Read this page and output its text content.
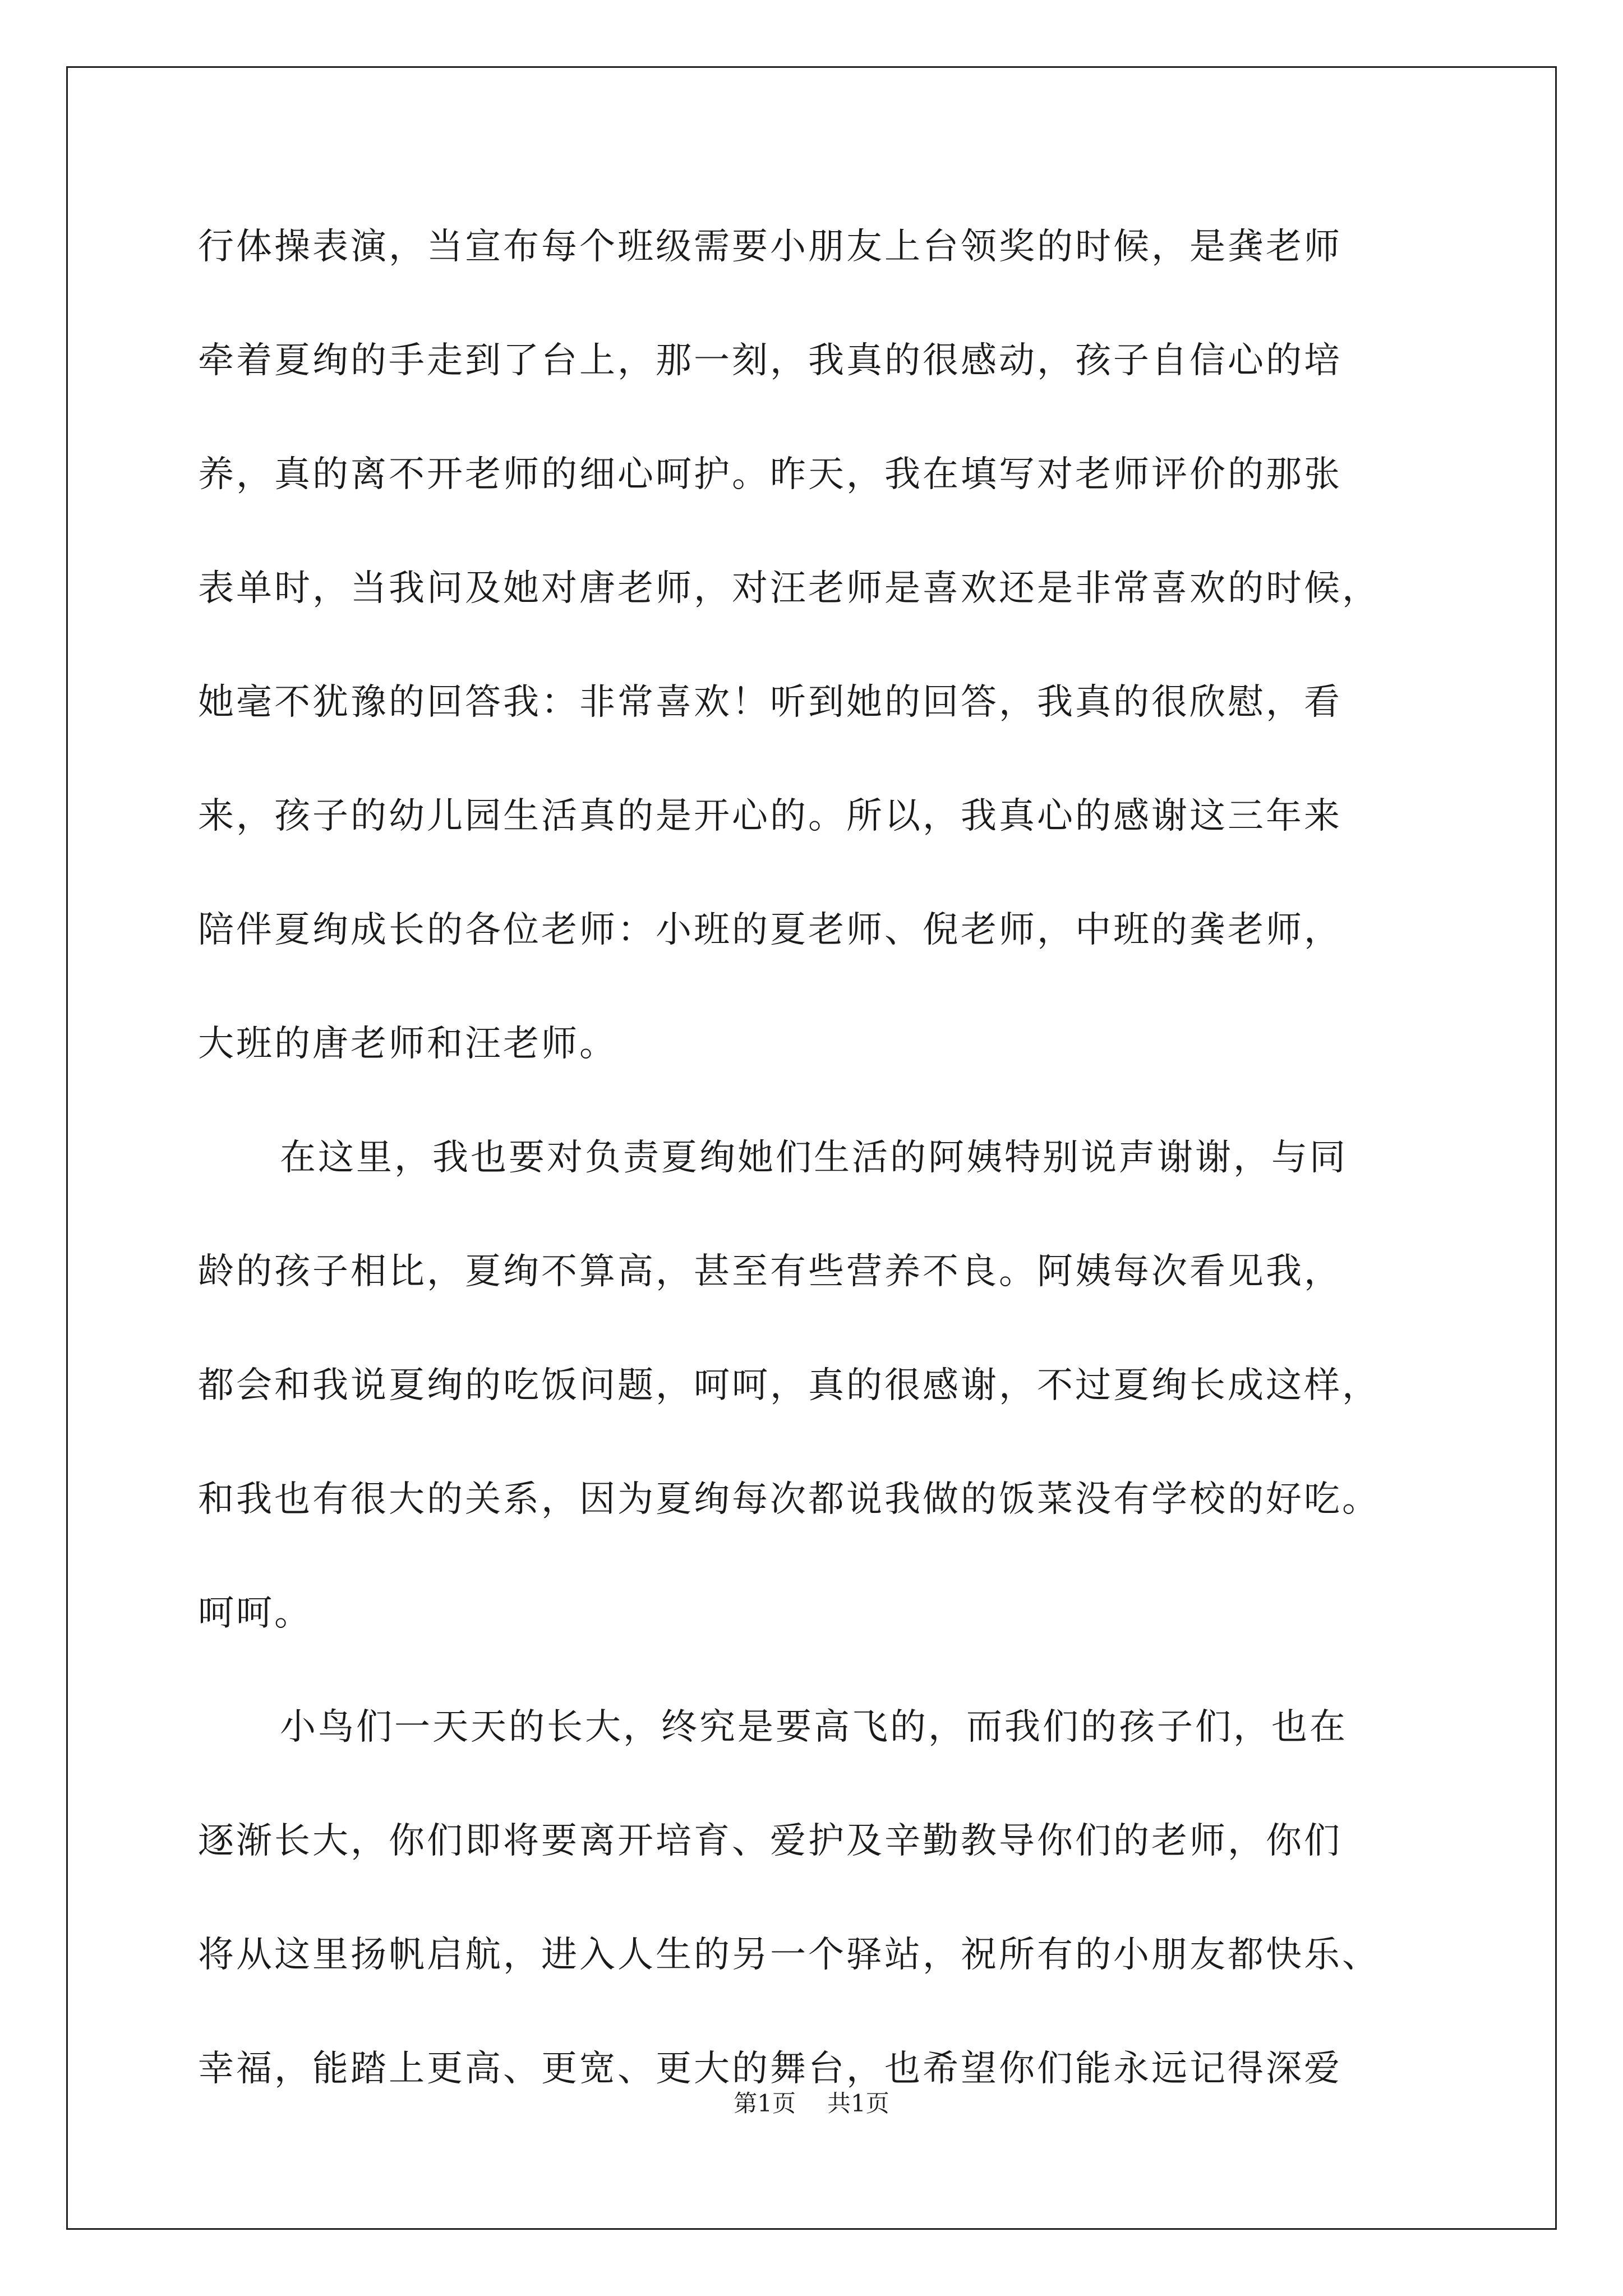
行体操表演，当宣布每个班级需要小朋友上台领奖的时候，是龚老师
牵着夏绚的手走到了台上，那一刻，我真的很感动，孩子自信心的培
养，真的离不开老师的细心呵护。昨天，我在填写对老师评价的那张
表单时，当我问及她对唐老师，对汪老师是喜欢还是非常喜欢的时候，
她毫不犹豫的回答我：非常喜欢！听到她的回答，我真的很欣慰，看
来，孩子的幼儿园生活真的是开心的。所以，我真心的感谢这三年来
陪伴夏绚成长的各位老师：小班的夏老师、倪老师，中班的龚老师，
大班的唐老师和汪老师。
在这里，我也要对负责夏绚她们生活的阿姨特别说声谢谢，与同
龄的孩子相比，夏绚不算高，甚至有些营养不良。阿姨每次看见我，
都会和我说夏绚的吃饭问题，呵呵，真的很感谢，不过夏绚长成这样，
和我也有很大的关系，因为夏绚每次都说我做的饭菜没有学校的好吃。
呵呵。
小鸟们一天天的长大，终究是要高飞的，而我们的孩子们，也在
逐渐长大，你们即将要离开培育、爱护及辛勤教导你们的老师，你们
将从这里扬帆启航，进入人生的另一个驿站，祝所有的小朋友都快乐、
幸福，能踏上更高、更宽、更大的舞台，也希望你们能永远记得深爱
第1页 共1页
